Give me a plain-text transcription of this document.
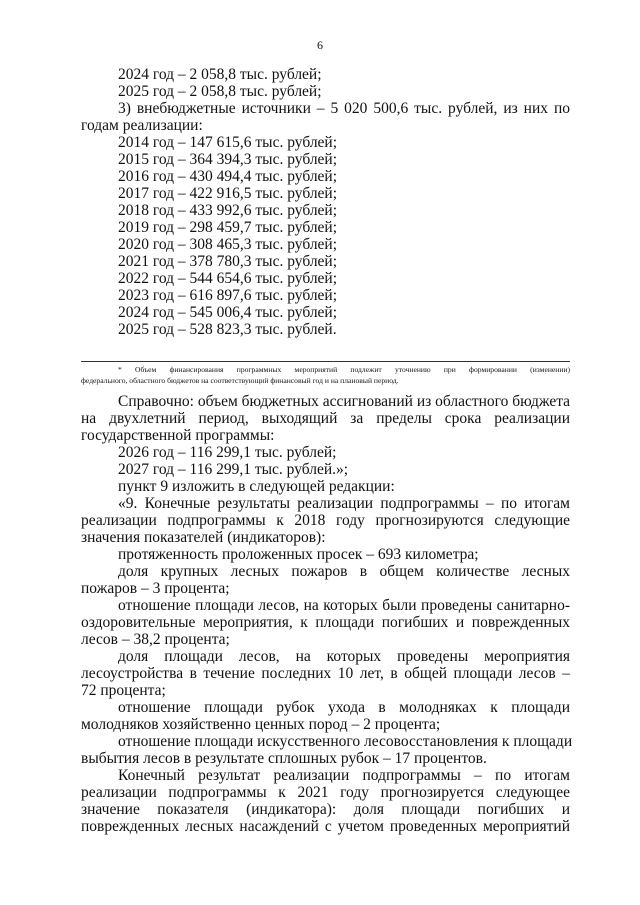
6
2024 год – 2 058,8 тыс. рублей;
2025 год – 2 058,8 тыс. рублей;
3) внебюджетные источники – 5 020 500,6 тыс. рублей, из них по
годам реализации:
2014 год – 147 615,6 тыс. рублей;
2015 год – 364 394,3 тыс. рублей;
2016 год – 430 494,4 тыс. рублей;
2017 год – 422 916,5 тыс. рублей;
2018 год – 433 992,6 тыс. рублей;
2019 год – 298 459,7 тыс. рублей;
2020 год – 308 465,3 тыс. рублей;
2021 год – 378 780,3 тыс. рублей;
2022 год – 544 654,6 тыс. рублей;
2023 год – 616 897,6 тыс. рублей;
2024 год – 545 006,4 тыс. рублей;
2025 год – 528 823,3 тыс. рублей.
* Объем финансирования программных мероприятий подлежит уточнению при формировании (изменении)
федерального, областного бюджетов на соответствующий финансовый год и на плановый период.
Справочно: объем бюджетных ассигнований из областного бюджета
на двухлетний период, выходящий за пределы срока реализации
государственной программы:
2026 год – 116 299,1 тыс. рублей;
2027 год – 116 299,1 тыс. рублей.»;
пункт 9 изложить в следующей редакции:
«9. Конечные результаты реализации подпрограммы – по итогам
реализации подпрограммы к 2018 году прогнозируются следующие
значения показателей (индикаторов):
протяженность проложенных просек – 693 километра;
доля крупных лесных пожаров в общем количестве лесных
пожаров – 3 процента;
отношение площади лесов, на которых были проведены санитарно-
оздоровительные мероприятия, к площади погибших и поврежденных
лесов – 38,2 процента;
доля площади лесов, на которых проведены мероприятия
лесоустройства в течение последних 10 лет, в общей площади лесов –
72 процента;
отношение площади рубок ухода в молодняках к площади
молодняков хозяйственно ценных пород – 2 процента;
отношение площади искусственного лесовосстановления к площади
выбытия лесов в результате сплошных рубок – 17 процентов.
Конечный результат реализации подпрограммы – по итогам
реализации подпрограммы к 2021 году прогнозируется следующее
значение показателя (индикатора): доля площади погибших и
поврежденных лесных насаждений с учетом проведенных мероприятий
